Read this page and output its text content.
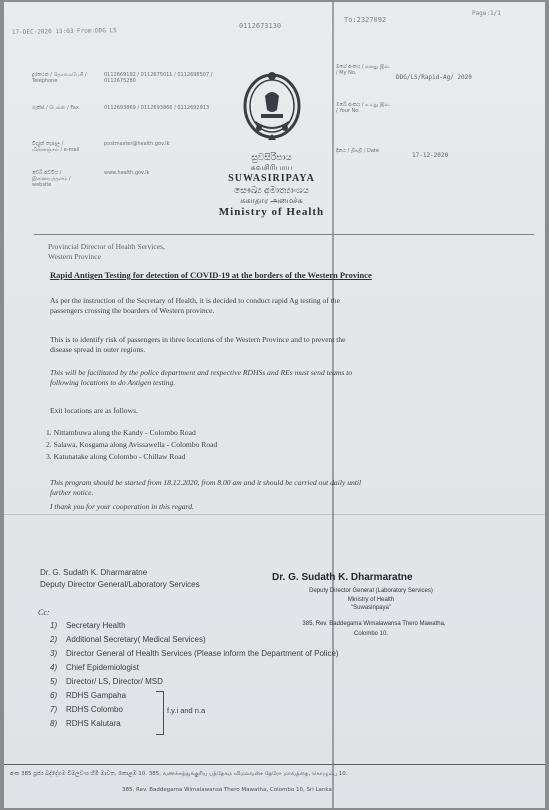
17-DEC-2020 13:03 From:DDG LS
0112673130
To:2327092
Page:1/1
දුරකථන / தொலைபேசி / Telephone
0112669192 / 0112675011 / 0112698507 / 0112675280
ෆැක්ස් / பெக்ஸ் / Fax	0112693869 / 0112693866 / 0112692913
විද්‍යුත් තැපෑල / மின்னஞ்சல் / e-mail
postmaster@health.gov.lk
වෙබ් අඩවිය / இணையத்தளம் / website
www.health.gov.lk
සුවසිරිපාය
சுவசிரிபாய
SUWASIRIPAYA
සෞඛ්‍ය අමාත්‍යාංශය
சுகாதார அமைச்சு
Ministry of Health
මගේ අංකය / எனது இல. / My No.
DDG/LS/Rapid-Ag/ 2020
ඔබේ අංකය / உமது இல. / Your No.
දිනය / திகதி / Date
17-12-2020
Provincial Director of Health Services,
Western Province
Rapid Antigen Testing for detection of COVID-19 at the borders of the Western Province
As per the instruction of the Secretary of Health, it is decided to conduct rapid Ag testing of the
passengers crossing the boarders of Western province.
This is to identify risk of passengers in three locations of the Western Province and to prevent the
disease spread in outer regions.
This will be facilitated by the police department and respective RDHSs and REs must send teams to
following locations to do Antigen testing.
Exit locations are as follows.
1. Nittambuwa along the Kandy - Colombo Road
2. Salawa, Kosgama along Avissawella - Colombo Road
3. Katunatake along Colombo - Chillaw Road
This program should be started from 18.12.2020, from 8.00 am and it should be carried out daily until
further notice.
I thank you for your cooperation in this regard.
Dr. G. Sudath K. Dharmaratne
Deputy Director General/Laboratory Services
Dr. G. Sudath K. Dharmaratne
Deputy Director General (Laboratory Services)
Ministry of Health
"Suwasiripaya"
385, Rev. Baddegama Wimalawansa Thero Mawatha,
Colombo 10.
Cc:
1) Secretary Health
2) Additional Secretary( Medical Services)
3) Director General of Health Services (Please inform the Department of Police)
4) Chief Epidemiologist
5) Director/ LS, Director/ MSD
6) RDHS Gampaha
7) RDHS Colombo
8) RDHS Kalutara
f.y.i and n.a
අංක 385 පූජ්‍ය බද්දේගම විමලවංශ හිමි මාවත, කොළඹ 10. 385, வணக்கத்துக்குரிய பத்தேகம விமலவன்ச தேரோ மாவத்தை, கொழும்பு 10.
385, Rev. Baddegama Wimalawansa Thero Mawatha, Colombo 10, Sri Lanka
